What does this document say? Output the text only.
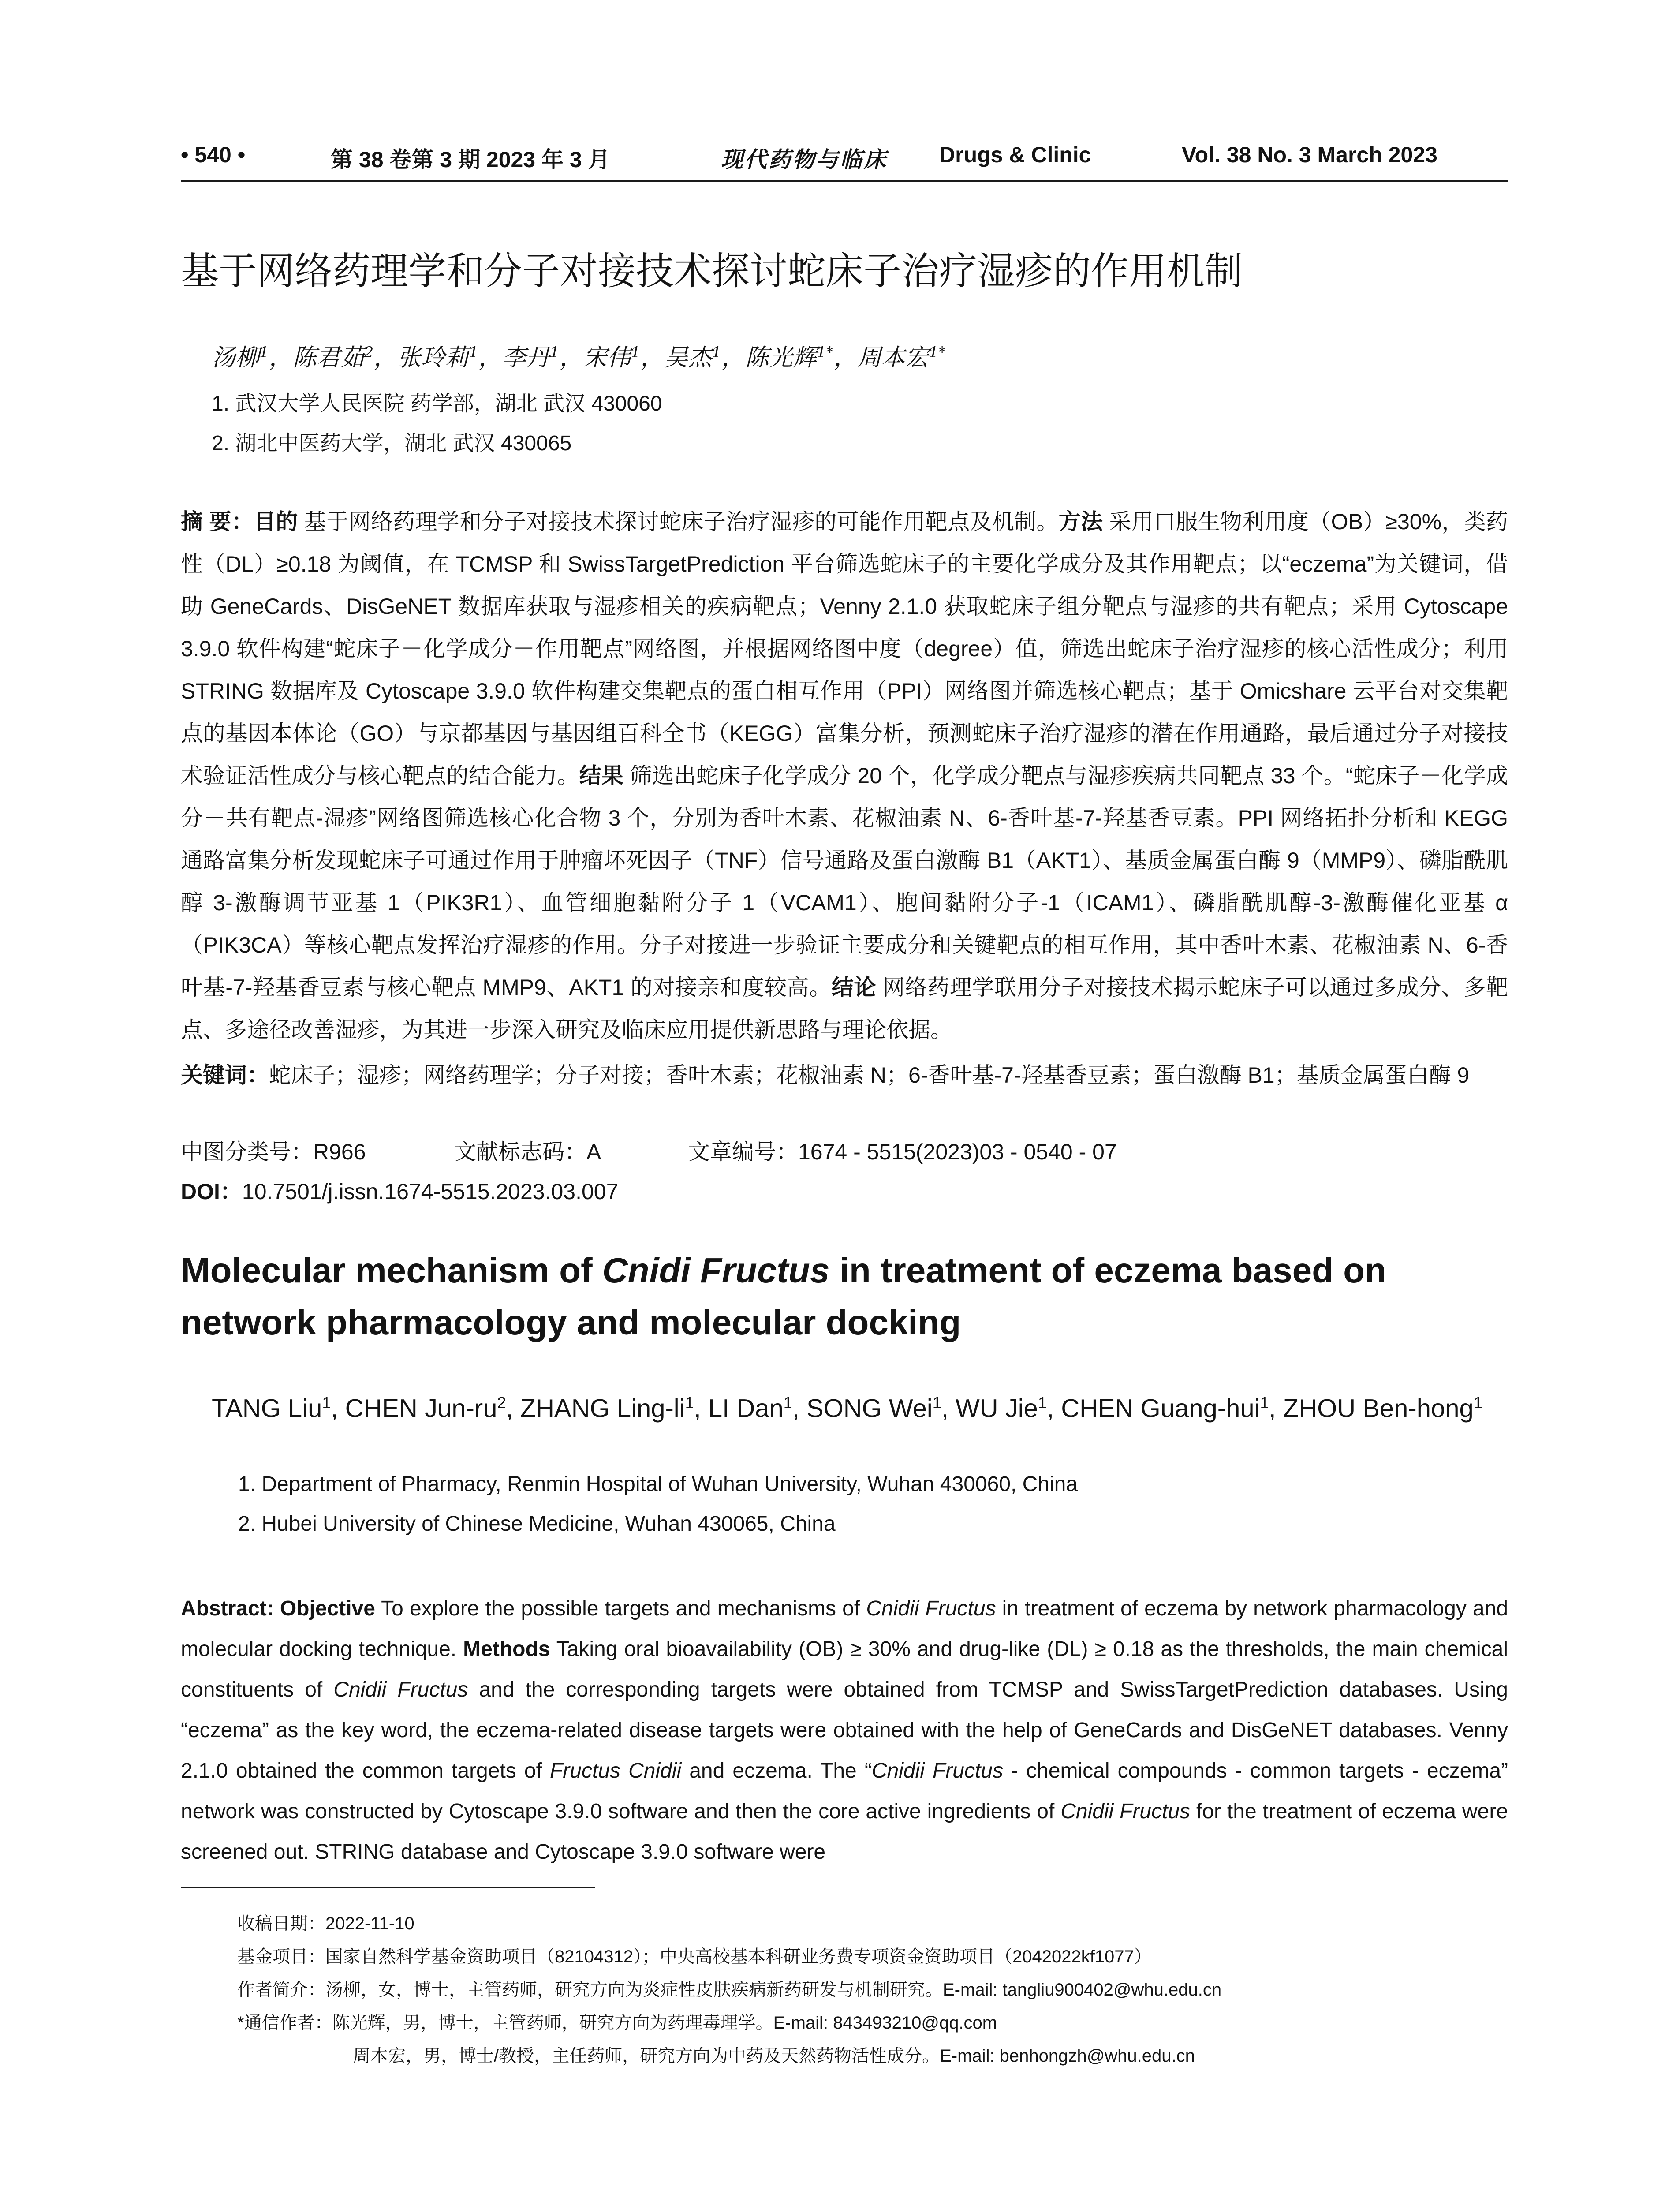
• 540 •	第 38 卷第 3 期 2023 年 3 月	现代药物与临床 Drugs & Clinic	Vol. 38 No. 3 March 2023
基于网络药理学和分子对接技术探讨蛇床子治疗湿疹的作用机制
汤柳$^1$，陈君茹$^2$，张玲莉$^1$，李丹$^1$，宋伟$^1$，吴杰$^1$，陈光辉$^{1*}$，周本宏$^{1*}$
1. 武汉大学人民医院 药学部，湖北 武汉 430060
2. 湖北中医药大学，湖北 武汉 430065
摘 要：目的 基于网络药理学和分子对接技术探讨蛇床子治疗湿疹的可能作用靶点及机制。方法 采用口服生物利用度（OB）≥30%，类药性（DL）≥0.18 为阈值，在 TCMSP 和 SwissTargetPrediction 平台筛选蛇床子的主要化学成分及其作用靶点；以“eczema”为关键词，借助 GeneCards、DisGeNET 数据库获取与湿疹相关的疾病靶点；Venny 2.1.0 获取蛇床子组分靶点与湿疹的共有靶点；采用 Cytoscape 3.9.0 软件构建“蛇床子－化学成分－作用靶点”网络图，并根据网络图中度（degree）值，筛选出蛇床子治疗湿疹的核心活性成分；利用 STRING 数据库及 Cytoscape 3.9.0 软件构建交集靶点的蛋白相互作用（PPI）网络图并筛选核心靶点；基于 Omicshare 云平台对交集靶点的基因本体论（GO）与京都基因与基因组百科全书（KEGG）富集分析，预测蛇床子治疗湿疹的潜在作用通路，最后通过分子对接技术验证活性成分与核心靶点的结合能力。结果 筛选出蛇床子化学成分 20 个，化学成分靶点与湿疹疾病共同靶点 33 个。“蛇床子－化学成分－共有靶点-湿疹”网络图筛选核心化合物 3 个，分别为香叶木素、花椒油素 N、6-香叶基-7-羟基香豆素。PPI 网络拓扑分析和 KEGG 通路富集分析发现蛇床子可通过作用于肿瘤坏死因子（TNF）信号通路及蛋白激酶 B1（AKT1）、基质金属蛋白酶 9（MMP9）、磷脂酰肌醇 3-激酶调节亚基 1（PIK3R1）、血管细胞黏附分子 1（VCAM1）、胞间黏附分子-1（ICAM1）、磷脂酰肌醇-3-激酶催化亚基 α（PIK3CA）等核心靶点发挥治疗湿疹的作用。分子对接进一步验证主要成分和关键靶点的相互作用，其中香叶木素、花椒油素 N、6-香叶基-7-羟基香豆素与核心靶点 MMP9、AKT1 的对接亲和度较高。结论 网络药理学联用分子对接技术揭示蛇床子可以通过多成分、多靶点、多途径改善湿疹，为其进一步深入研究及临床应用提供新思路与理论依据。
关键词：蛇床子；湿疹；网络药理学；分子对接；香叶木素；花椒油素 N；6-香叶基-7-羟基香豆素；蛋白激酶 B1；基质金属蛋白酶 9
中图分类号：R966	文献标志码：A	文章编号：1674 - 5515(2023)03 - 0540 - 07
DOI：10.7501/j.issn.1674-5515.2023.03.007
Molecular mechanism of Cnidi Fructus in treatment of eczema based on network pharmacology and molecular docking
TANG Liu$^1$, CHEN Jun-$ru^2$, ZHANG Ling-$li^1$, LI Dan$^1$, SONG Wei$^1$, WU Jie$^1$, CHEN Guang-hui$^1$, ZHOU Ben-hong$^1$
1. Department of Pharmacy, Renmin Hospital of Wuhan University, Wuhan 430060, China
2. Hubei University of Chinese Medicine, Wuhan 430065, China
Abstract: Objective To explore the possible targets and mechanisms of Cnidii Fructus in treatment of eczema by network pharmacology and molecular docking technique. Methods Taking oral bioavailability (OB) ≥ 30% and drug-like (DL) ≥ 0.18 as the thresholds, the main chemical constituents of Cnidii Fructus and the corresponding targets were obtained from TCMSP and SwissTargetPrediction databases. Using “eczema” as the key word, the eczema-related disease targets were obtained with the help of GeneCards and DisGeNET databases. Venny 2.1.0 obtained the common targets of Fructus Cnidii and eczema. The “Cnidii Fructus - chemical compounds - common targets - eczema” network was constructed by Cytoscape 3.9.0 software and then the core active ingredients of Cnidii Fructus for the treatment of eczema were screened out. STRING database and Cytoscape 3.9.0 software were
收稿日期：2022-11-10
基金项目：国家自然科学基金资助项目（82104312）；中央高校基本科研业务费专项资金资助项目（2042022kf1077）
作者简介：汤柳，女，博士，主管药师，研究方向为炎症性皮肤疾病新药研发与机制研究。E-mail: tangliu900402@whu.edu.cn
*通信作者：陈光辉，男，博士，主管药师，研究方向为药理毒理学。E-mail: 843493210@qq.com
周本宏，男，博士/教授，主任药师，研究方向为中药及天然药物活性成分。E-mail: benhongzh@whu.edu.cn
